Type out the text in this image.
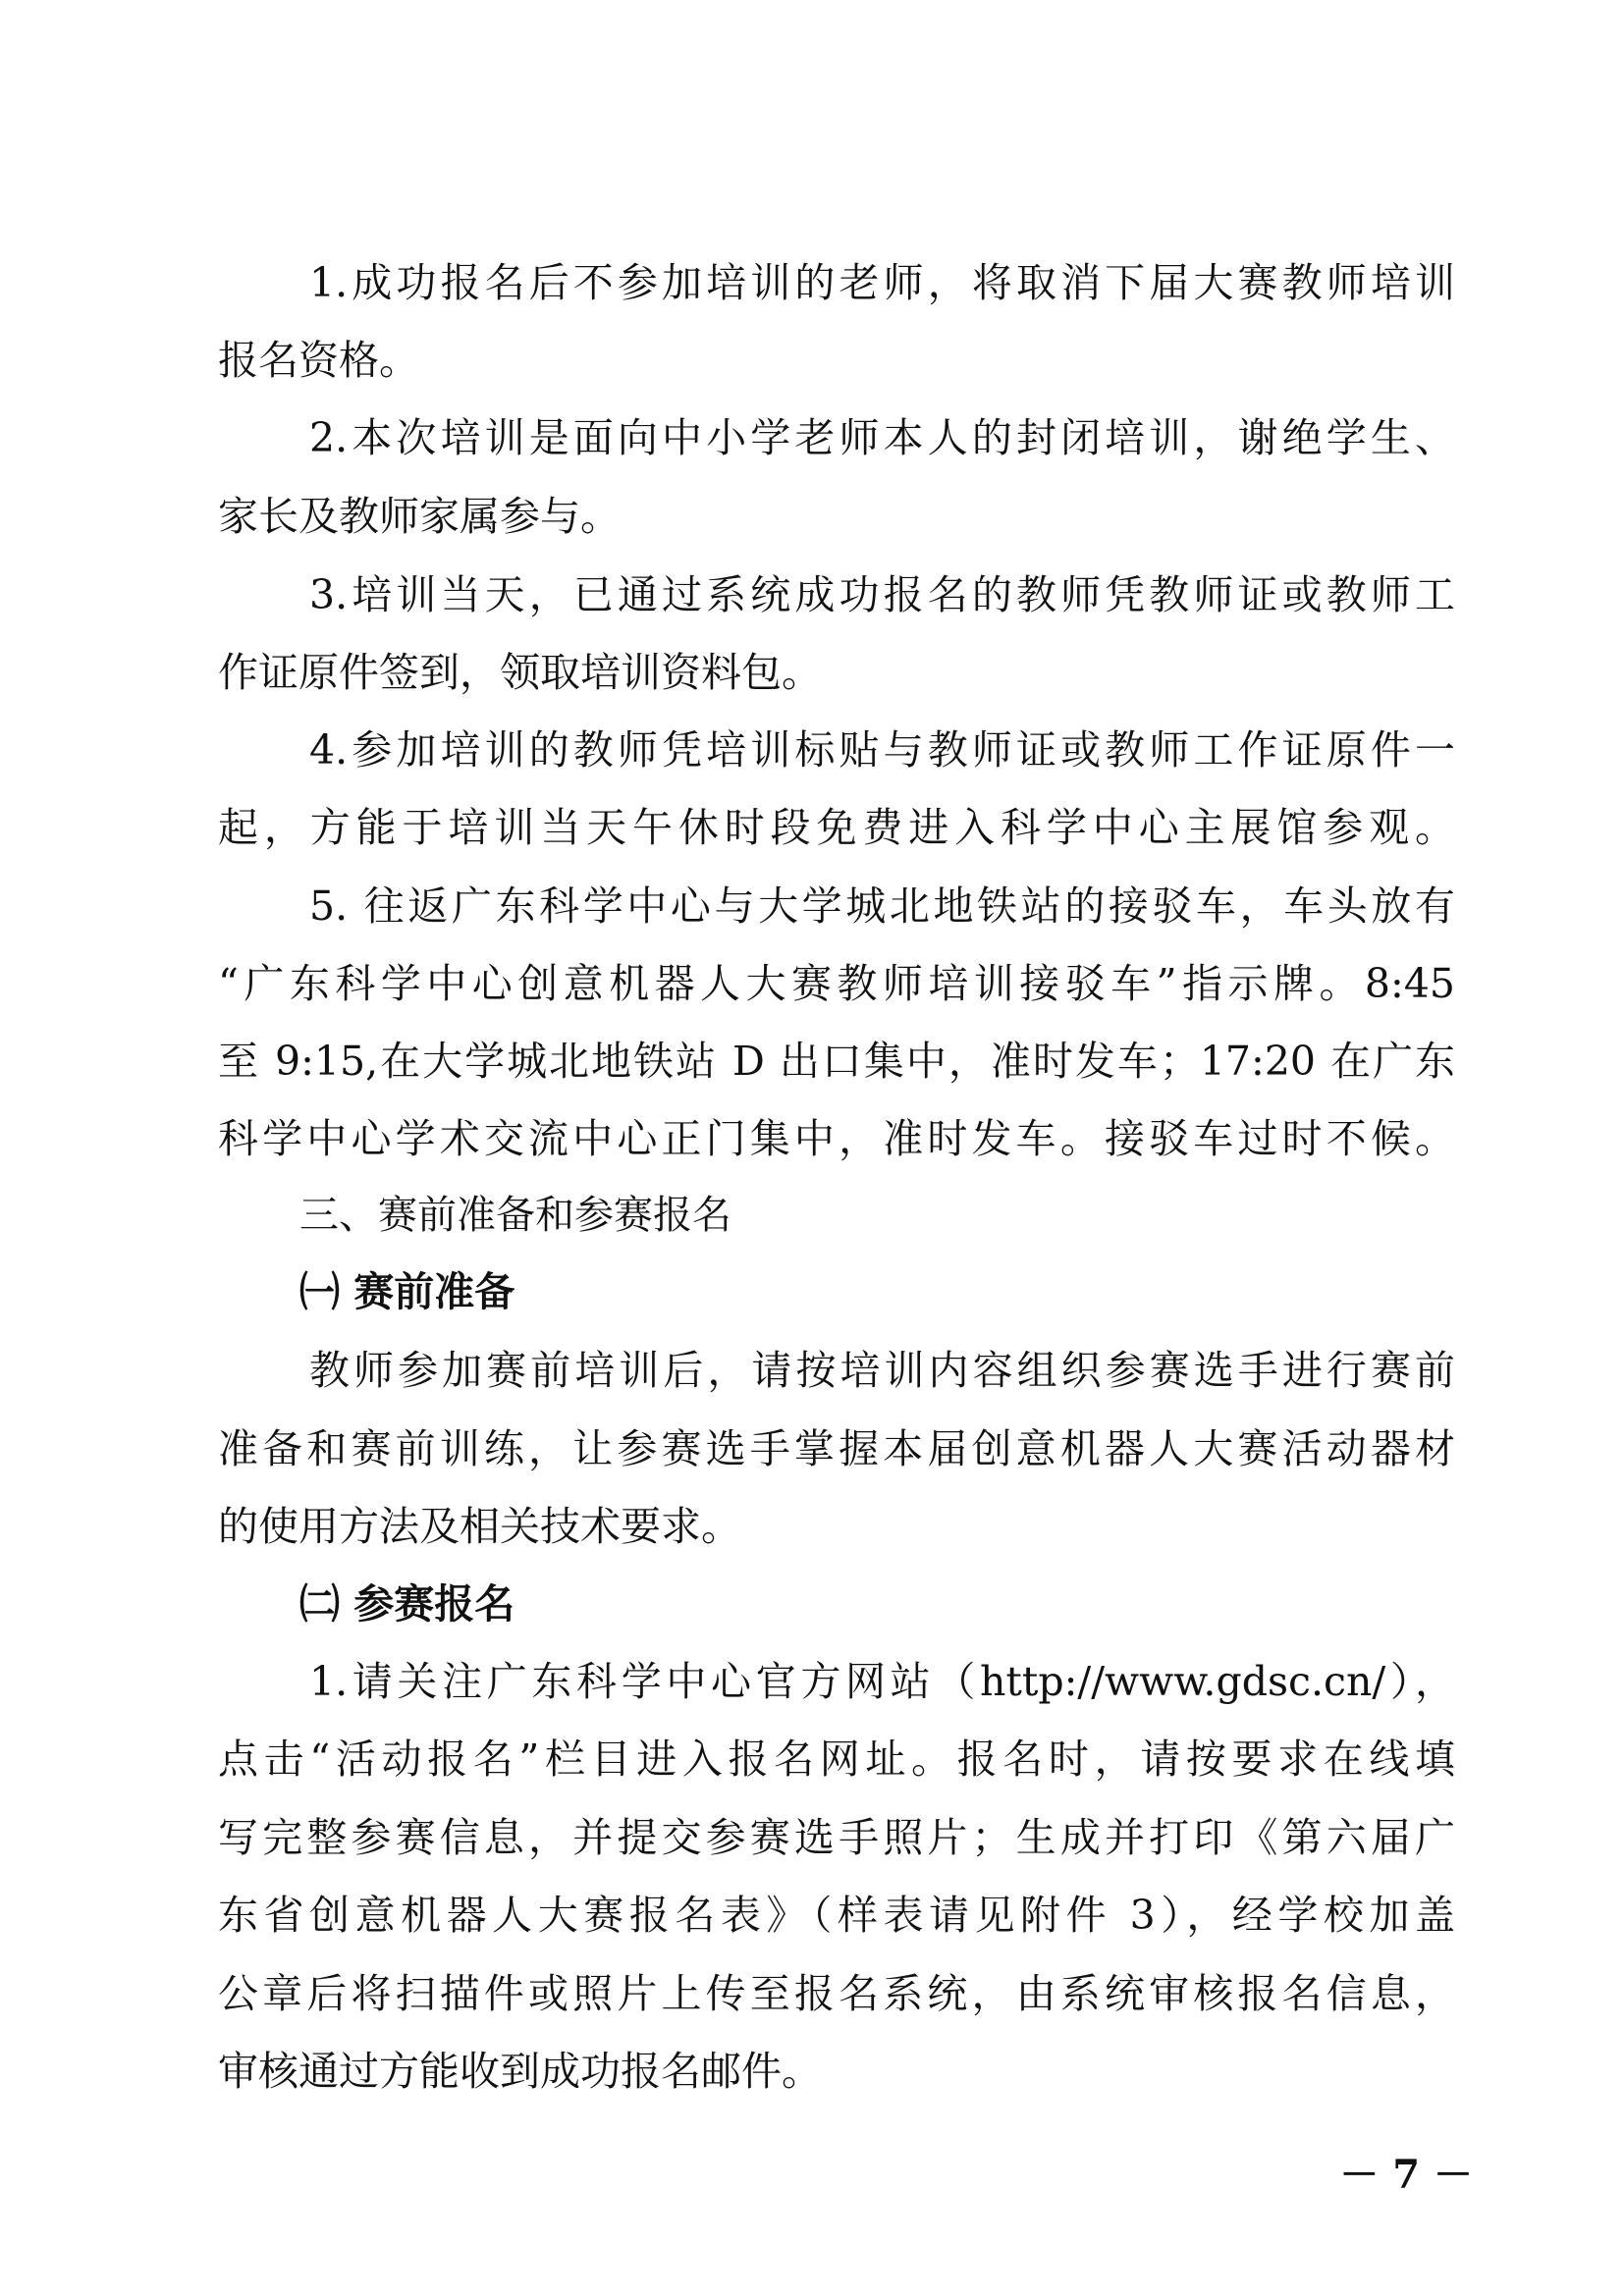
1.成功报名后不参加培训的老师，将取消下届大赛教师培训
报名资格。
2.本次培训是面向中小学老师本人的封闭培训，谢绝学生、
家长及教师家属参与。
3.培训当天，已通过系统成功报名的教师凭教师证或教师工
作证原件签到，领取培训资料包。
4.参加培训的教师凭培训标贴与教师证或教师工作证原件一
起，方能于培训当天午休时段免费进入科学中心主展馆参观。
5. 往返广东科学中心与大学城北地铁站的接驳车，车头放有
“广东科学中心创意机器人大赛教师培训接驳车”指示牌。8:45
至 9:15,在大学城北地铁站 D 出口集中，准时发车；17:20 在广东
科学中心学术交流中心正门集中，准时发车。接驳车过时不候。
三、赛前准备和参赛报名
㈠ 赛前准备
教师参加赛前培训后，请按培训内容组织参赛选手进行赛前
准备和赛前训练，让参赛选手掌握本届创意机器人大赛活动器材
的使用方法及相关技术要求。
㈡ 参赛报名
1.请关注广东科学中心官方网站（http://www.gdsc.cn/），
点击“活动报名”栏目进入报名网址。报名时，请按要求在线填
写完整参赛信息，并提交参赛选手照片；生成并打印《第六届广
东省创意机器人大赛报名表》（样表请见附件 3），经学校加盖
公章后将扫描件或照片上传至报名系统，由系统审核报名信息，
审核通过方能收到成功报名邮件。
－ 7 －
